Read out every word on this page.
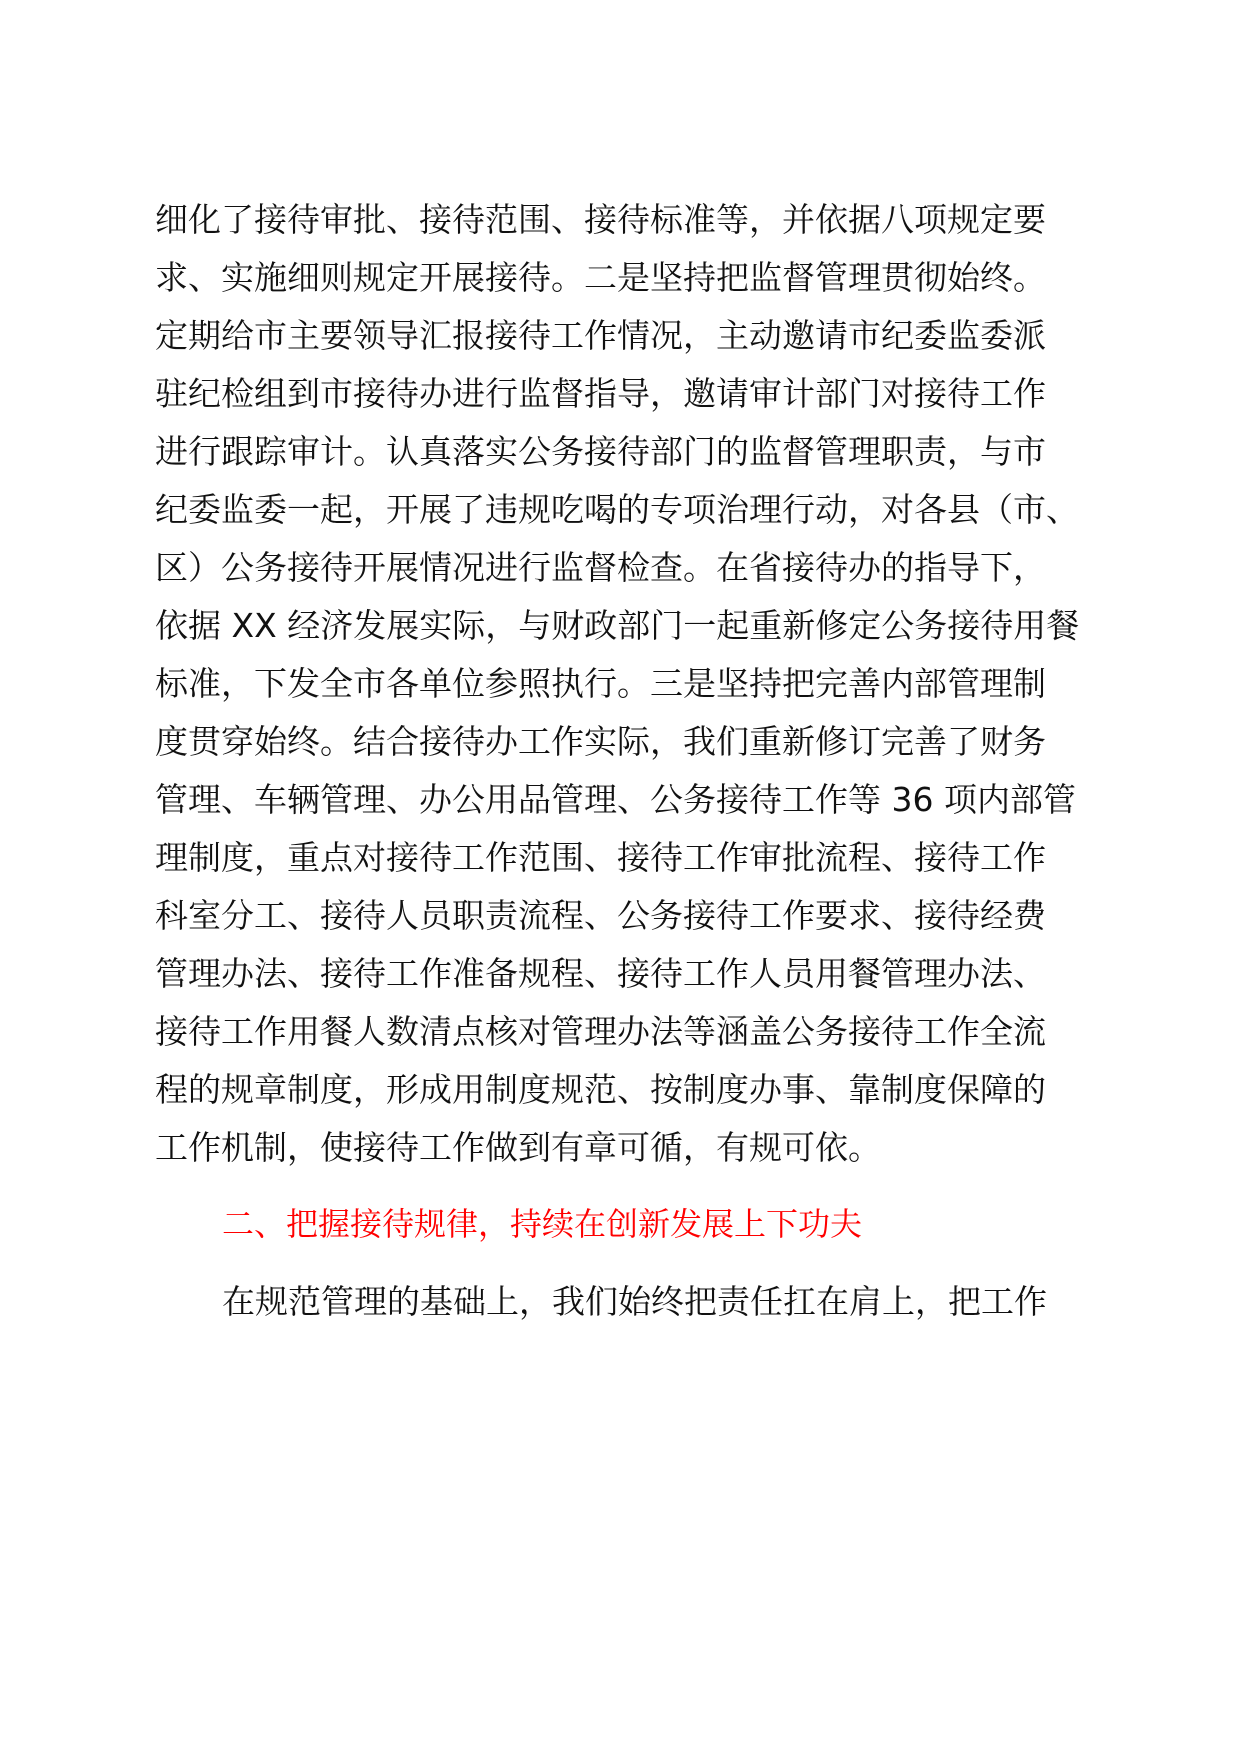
细化了接待审批、接待范围、接待标准等，并依据八项规定要
求、实施细则规定开展接待。二是坚持把监督管理贯彻始终。
定期给市主要领导汇报接待工作情况，主动邀请市纪委监委派
驻纪检组到市接待办进行监督指导，邀请审计部门对接待工作
进行跟踪审计。认真落实公务接待部门的监督管理职责，与市
纪委监委一起，开展了违规吃喝的专项治理行动，对各县（市、
区）公务接待开展情况进行监督检查。在省接待办的指导下，
依据 XX 经济发展实际，与财政部门一起重新修定公务接待用餐
标准，下发全市各单位参照执行。三是坚持把完善内部管理制
度贯穿始终。结合接待办工作实际，我们重新修订完善了财务
管理、车辆管理、办公用品管理、公务接待工作等 36 项内部管
理制度，重点对接待工作范围、接待工作审批流程、接待工作
科室分工、接待人员职责流程、公务接待工作要求、接待经费
管理办法、接待工作准备规程、接待工作人员用餐管理办法、
接待工作用餐人数清点核对管理办法等涵盖公务接待工作全流
程的规章制度，形成用制度规范、按制度办事、靠制度保障的
工作机制，使接待工作做到有章可循，有规可依。
二、把握接待规律，持续在创新发展上下功夫
在规范管理的基础上，我们始终把责任扛在肩上，把工作
